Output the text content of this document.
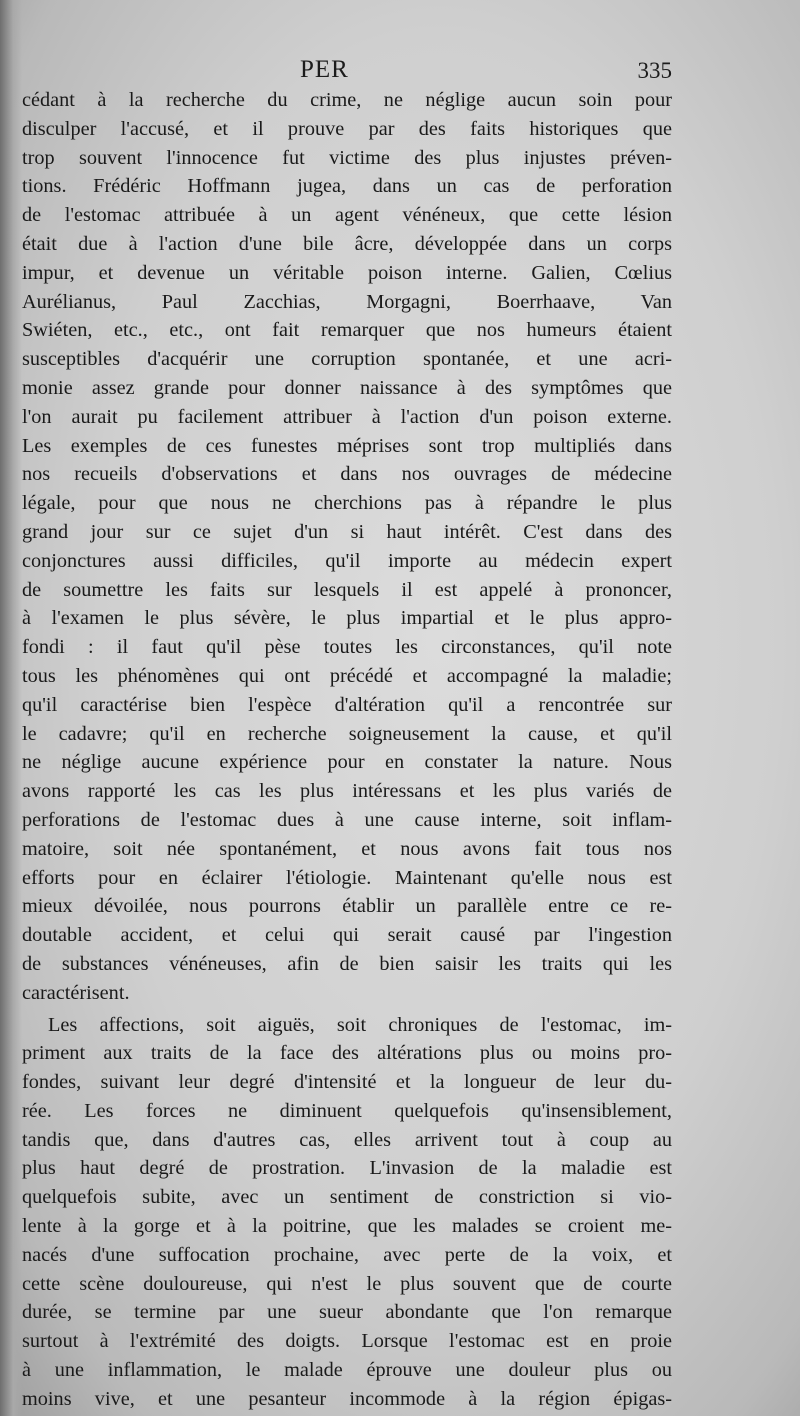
PER	335
cédant à la recherche du crime, ne néglige aucun soin pour
disculper l'accusé, et il prouve par des faits historiques que
trop souvent l'innocence fut victime des plus injustes préven-
tions. Frédéric Hoffmann jugea, dans un cas de perforation
de l'estomac attribuée à un agent vénéneux, que cette lésion
était due à l'action d'une bile âcre, développée dans un corps
impur, et devenue un véritable poison interne. Galien, Cœlius
Aurélianus, Paul Zacchias, Morgagni, Boerrhaave, Van
Swiéten, etc., etc., ont fait remarquer que nos humeurs étaient
susceptibles d'acquérir une corruption spontanée, et une acri-
monie assez grande pour donner naissance à des symptômes que
l'on aurait pu facilement attribuer à l'action d'un poison externe.
Les exemples de ces funestes méprises sont trop multipliés dans
nos recueils d'observations et dans nos ouvrages de médecine
légale, pour que nous ne cherchions pas à répandre le plus
grand jour sur ce sujet d'un si haut intérêt. C'est dans des
conjonctures aussi difficiles, qu'il importe au médecin expert
de soumettre les faits sur lesquels il est appelé à prononcer,
à l'examen le plus sévère, le plus impartial et le plus appro-
fondi : il faut qu'il pèse toutes les circonstances, qu'il note
tous les phénomènes qui ont précédé et accompagné la maladie;
qu'il caractérise bien l'espèce d'altération qu'il a rencontrée sur
le cadavre; qu'il en recherche soigneusement la cause, et qu'il
ne néglige aucune expérience pour en constater la nature. Nous
avons rapporté les cas les plus intéressans et les plus variés de
perforations de l'estomac dues à une cause interne, soit inflam-
matoire, soit née spontanément, et nous avons fait tous nos
efforts pour en éclairer l'étiologie. Maintenant qu'elle nous est
mieux dévoilée, nous pourrons établir un parallèle entre ce re-
doutable accident, et celui qui serait causé par l'ingestion
de substances vénéneuses, afin de bien saisir les traits qui les
caractérisent.
Les affections, soit aiguës, soit chroniques de l'estomac, im-
priment aux traits de la face des altérations plus ou moins pro-
fondes, suivant leur degré d'intensité et la longueur de leur du-
rée. Les forces ne diminuent quelquefois qu'insensiblement,
tandis que, dans d'autres cas, elles arrivent tout à coup au
plus haut degré de prostration. L'invasion de la maladie est
quelquefois subite, avec un sentiment de constriction si vio-
lente à la gorge et à la poitrine, que les malades se croient me-
nacés d'une suffocation prochaine, avec perte de la voix, et
cette scène douloureuse, qui n'est le plus souvent que de courte
durée, se termine par une sueur abondante que l'on remarque
surtout à l'extrémité des doigts. Lorsque l'estomac est en proie
à une inflammation, le malade éprouve une douleur plus ou
moins vive, et une pesanteur incommode à la région épigas-
